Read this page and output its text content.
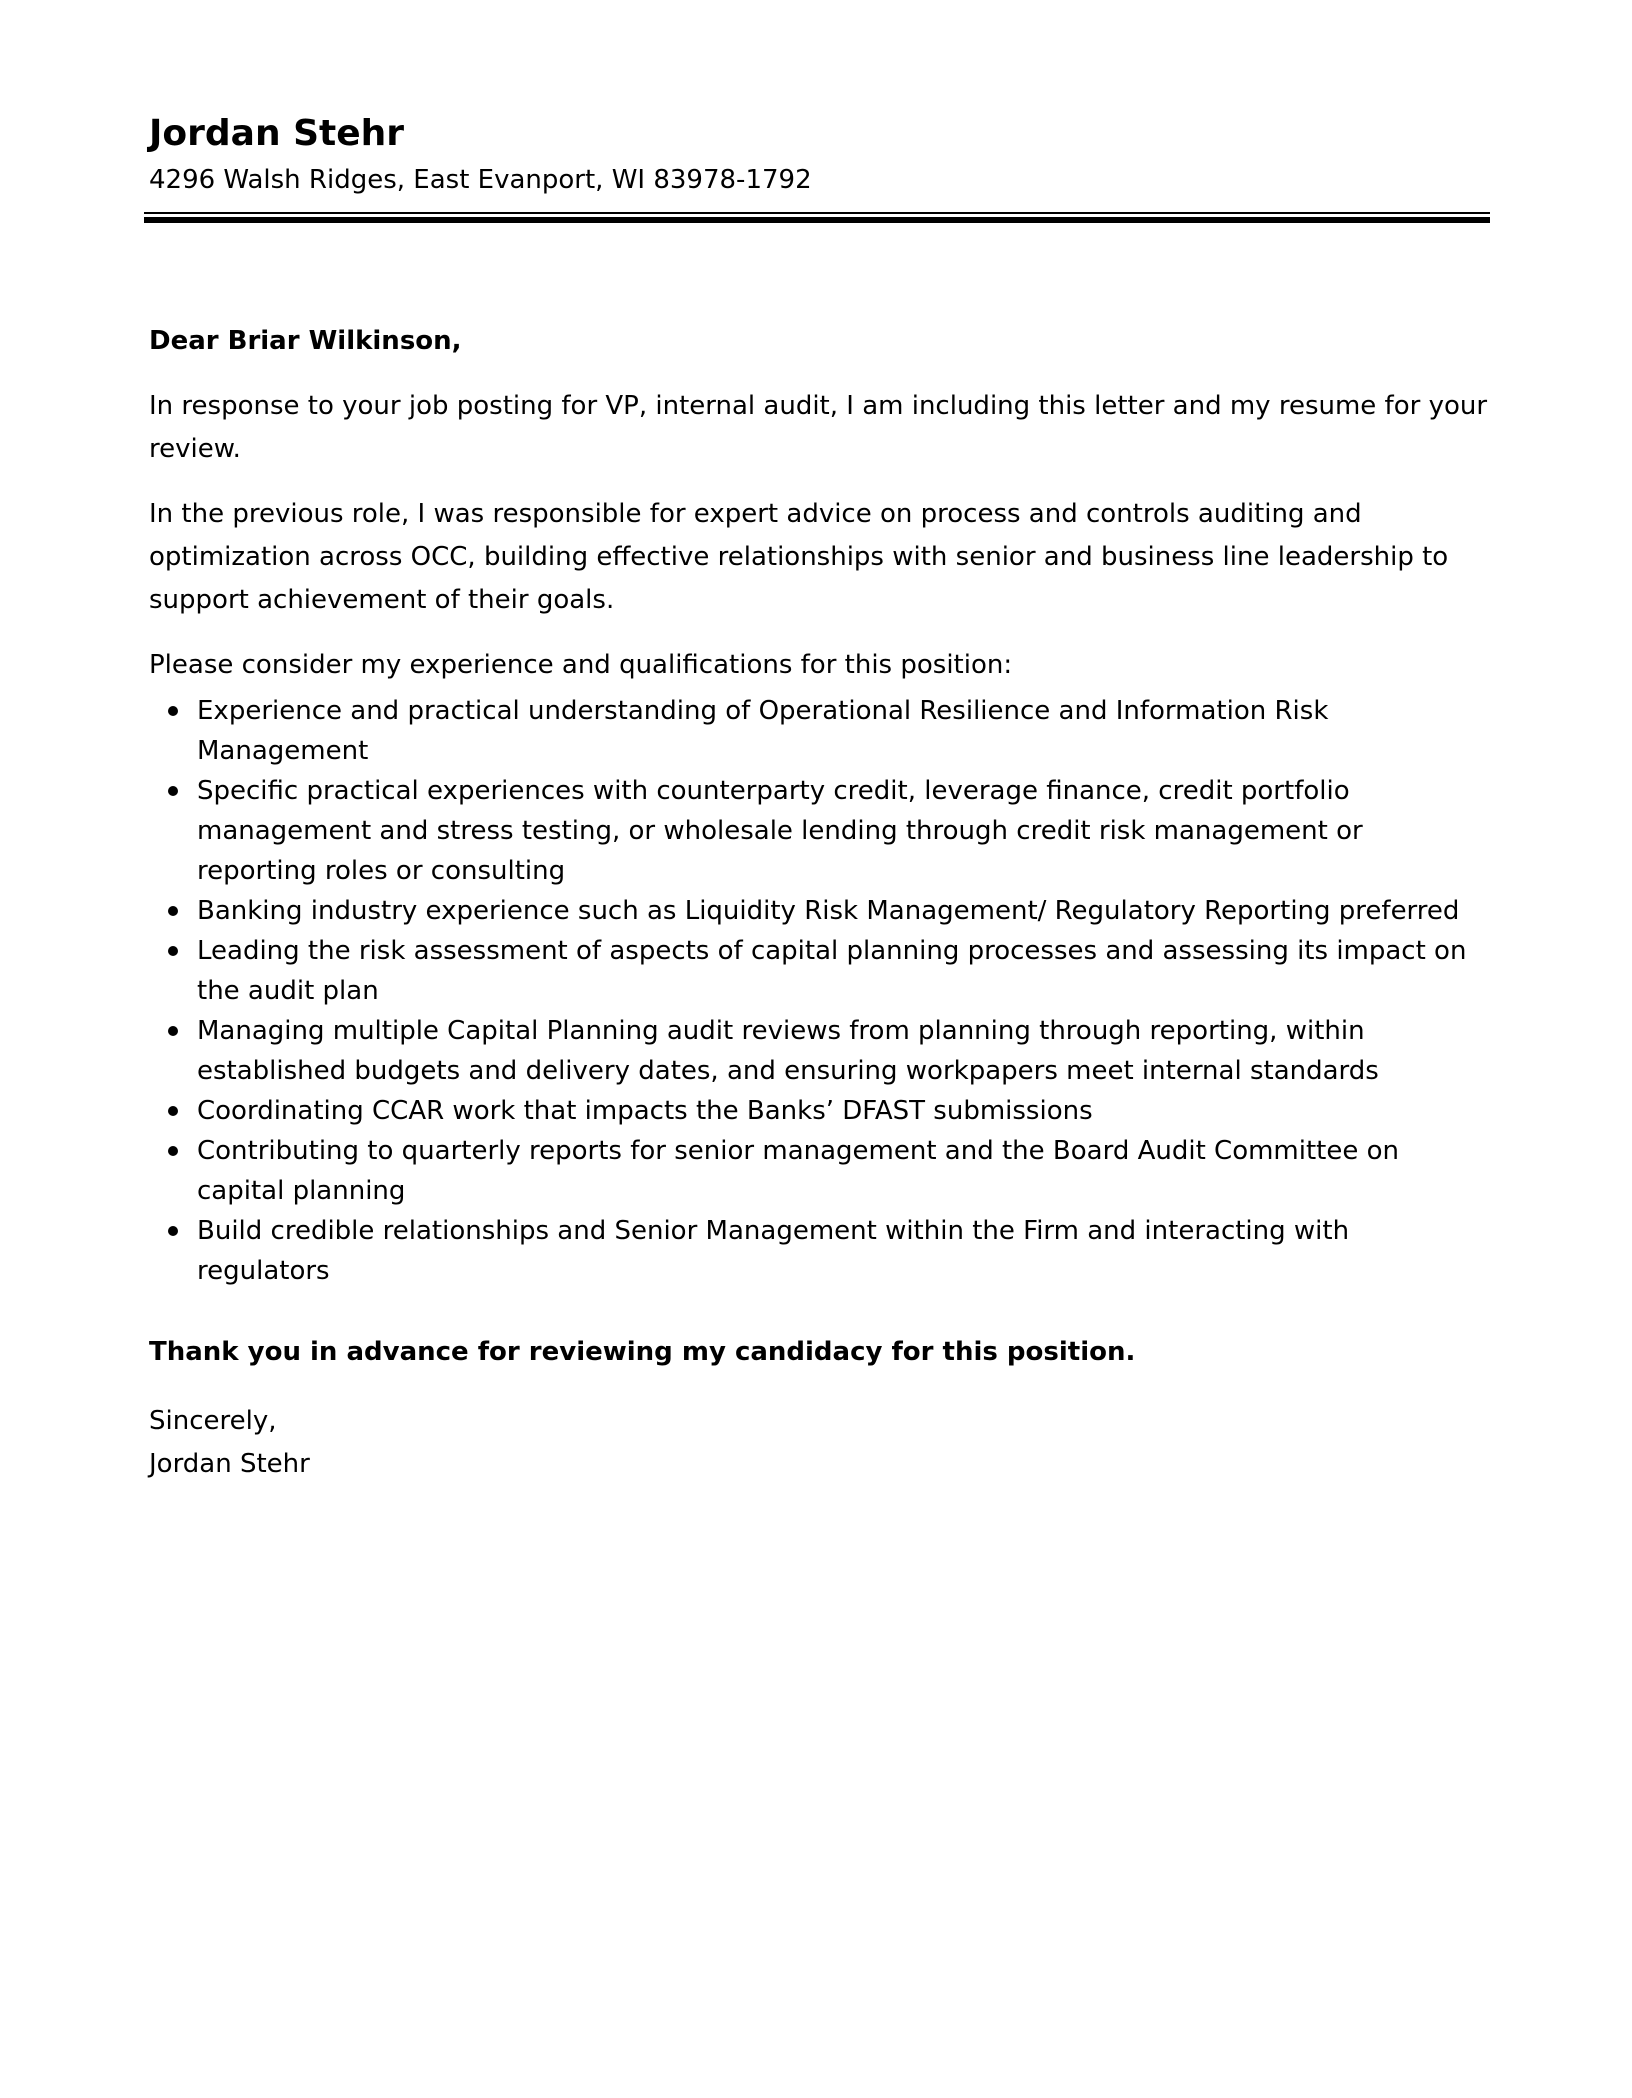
Jordan Stehr

4296 Walsh Ridges, East Evanport, WI 83978-1792

Dear Briar Wilkinson,

In response to your job posting for VP, internal audit, I am including this letter and my resume for your review.

In the previous role, I was responsible for expert advice on process and controls auditing and optimization across OCC, building effective relationships with senior and business line leadership to support achievement of their goals.

Please consider my experience and qualifications for this position:

Experience and practical understanding of Operational Resilience and Information Risk Management
Specific practical experiences with counterparty credit, leverage finance, credit portfolio management and stress testing, or wholesale lending through credit risk management or reporting roles or consulting
Banking industry experience such as Liquidity Risk Management/ Regulatory Reporting preferred
Leading the risk assessment of aspects of capital planning processes and assessing its impact on the audit plan
Managing multiple Capital Planning audit reviews from planning through reporting, within established budgets and delivery dates, and ensuring workpapers meet internal standards
Coordinating CCAR work that impacts the Banks’ DFAST submissions
Contributing to quarterly reports for senior management and the Board Audit Committee on capital planning
Build credible relationships and Senior Management within the Firm and interacting with regulators

Thank you in advance for reviewing my candidacy for this position.

Sincerely,
Jordan Stehr
